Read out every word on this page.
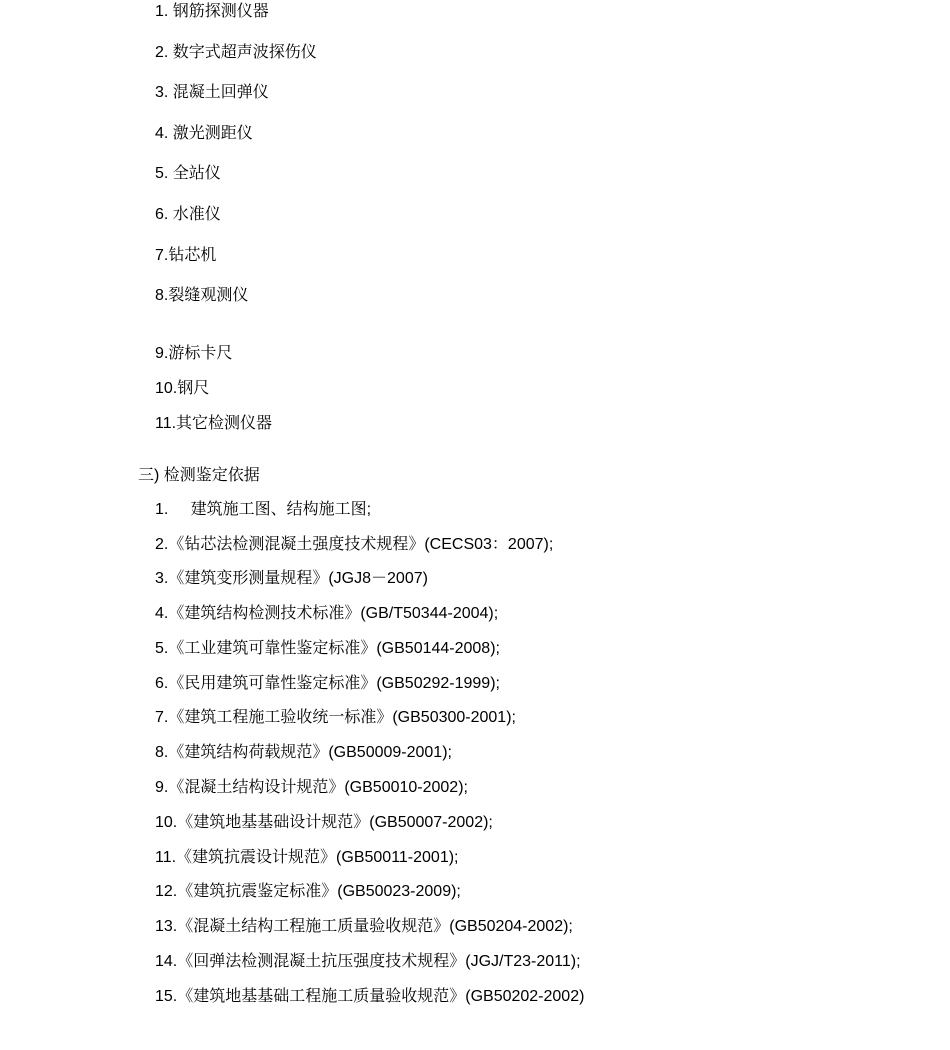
1. 钢筋探测仪器
2. 数字式超声波探伤仪
3. 混凝土回弹仪
4. 激光测距仪
5. 全站仪
6. 水准仪
7.钻芯机
8.裂缝观测仪
9.游标卡尺
10.钢尺
11.其它检测仪器
三) 检测鉴定依据
1.     建筑施工图、结构施工图;
2.《钻芯法检测混凝土强度技术规程》(CECS03：2007);
3.《建筑变形测量规程》(JGJ8－2007)
4.《建筑结构检测技术标准》(GB/T50344-2004);
5.《工业建筑可靠性鉴定标准》(GB50144-2008);
6.《民用建筑可靠性鉴定标准》(GB50292-1999);
7.《建筑工程施工验收统一标准》(GB50300-2001);
8.《建筑结构荷载规范》(GB50009-2001);
9.《混凝土结构设计规范》(GB50010-2002);
10.《建筑地基基础设计规范》(GB50007-2002);
11.《建筑抗震设计规范》(GB50011-2001);
12.《建筑抗震鉴定标准》(GB50023-2009);
13.《混凝土结构工程施工质量验收规范》(GB50204-2002);
14.《回弹法检测混凝土抗压强度技术规程》(JGJ/T23-2011);
15.《建筑地基基础工程施工质量验收规范》(GB50202-2002)
